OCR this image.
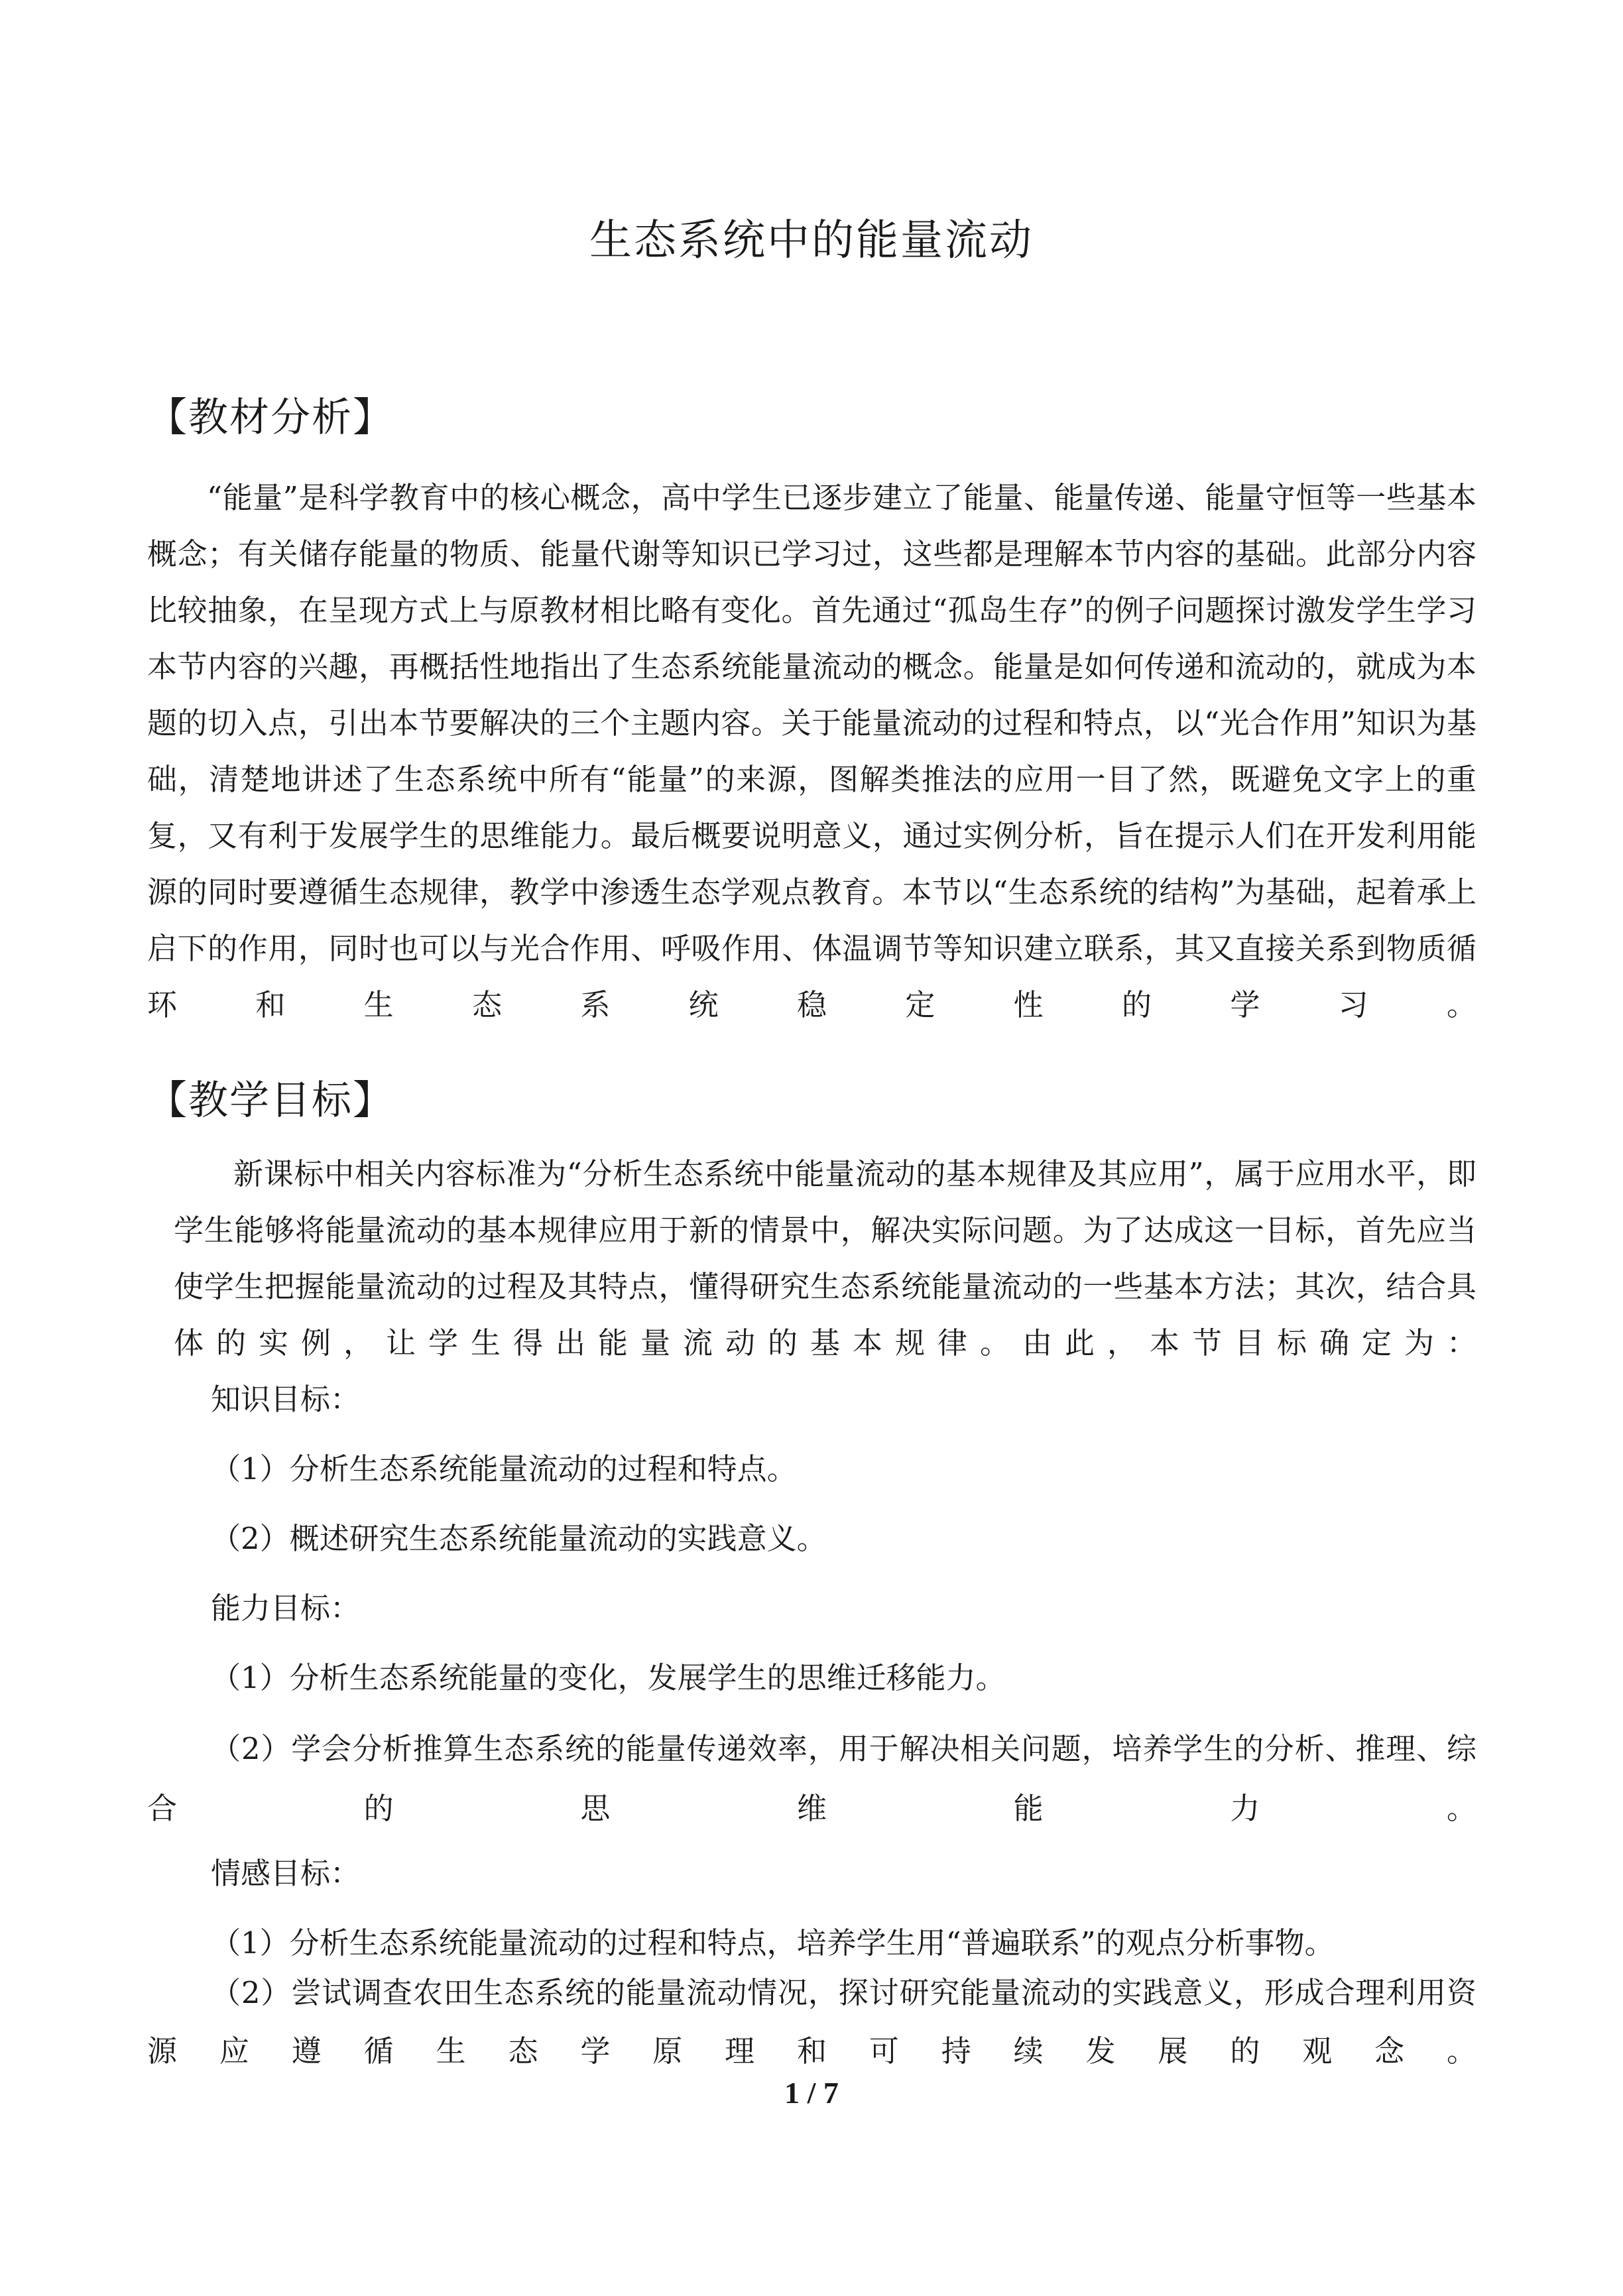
生态系统中的能量流动
【教材分析】

“能量”是科学教育中的核心概念，高中学生已逐步建立了能量、能量传递、能量守恒等一些基本概念；有关储存能量的物质、能量代谢等知识已学习过，这些都是理解本节内容的基础。此部分内容比较抽象，在呈现方式上与原教材相比略有变化。首先通过“孤岛生存”的例子问题探讨激发学生学习本节内容的兴趣，再概括性地指出了生态系统能量流动的概念。能量是如何传递和流动的，就成为本题的切入点，引出本节要解决的三个主题内容。关于能量流动的过程和特点，以“光合作用”知识为基础，清楚地讲述了生态系统中所有“能量”的来源，图解类推法的应用一目了然，既避免文字上的重复，又有利于发展学生的思维能力。最后概要说明意义，通过实例分析，旨在提示人们在开发利用能源的同时要遵循生态规律，教学中渗透生态学观点教育。本节以“生态系统的结构”为基础，起着承上启下的作用，同时也可以与光合作用、呼吸作用、体温调节等知识建立联系，其又直接关系到物质循环和生态系统稳定性的学习。

【教学目标】

新课标中相关内容标准为“分析生态系统中能量流动的基本规律及其应用”，属于应用水平，即学生能够将能量流动的基本规律应用于新的情景中，解决实际问题。为了达成这一目标，首先应当使学生把握能量流动的过程及其特点，懂得研究生态系统能量流动的一些基本方法；其次，结合具体的实例，让学生得出能量流动的基本规律。由此，本节目标确定为：

知识目标：

（1）分析生态系统能量流动的过程和特点。

（2）概述研究生态系统能量流动的实践意义。

能力目标：

（1）分析生态系统能量的变化，发展学生的思维迁移能力。

（2）学会分析推算生态系统的能量传递效率，用于解决相关问题，培养学生的分析、推理、综合的思维能力。

情感目标：

（1）分析生态系统能量流动的过程和特点，培养学生用“普遍联系”的观点分析事物。

（2）尝试调查农田生态系统的能量流动情况，探讨研究能量流动的实践意义，形成合理利用资源应遵循生态学原理和可持续发展的观念。

1 / 7
